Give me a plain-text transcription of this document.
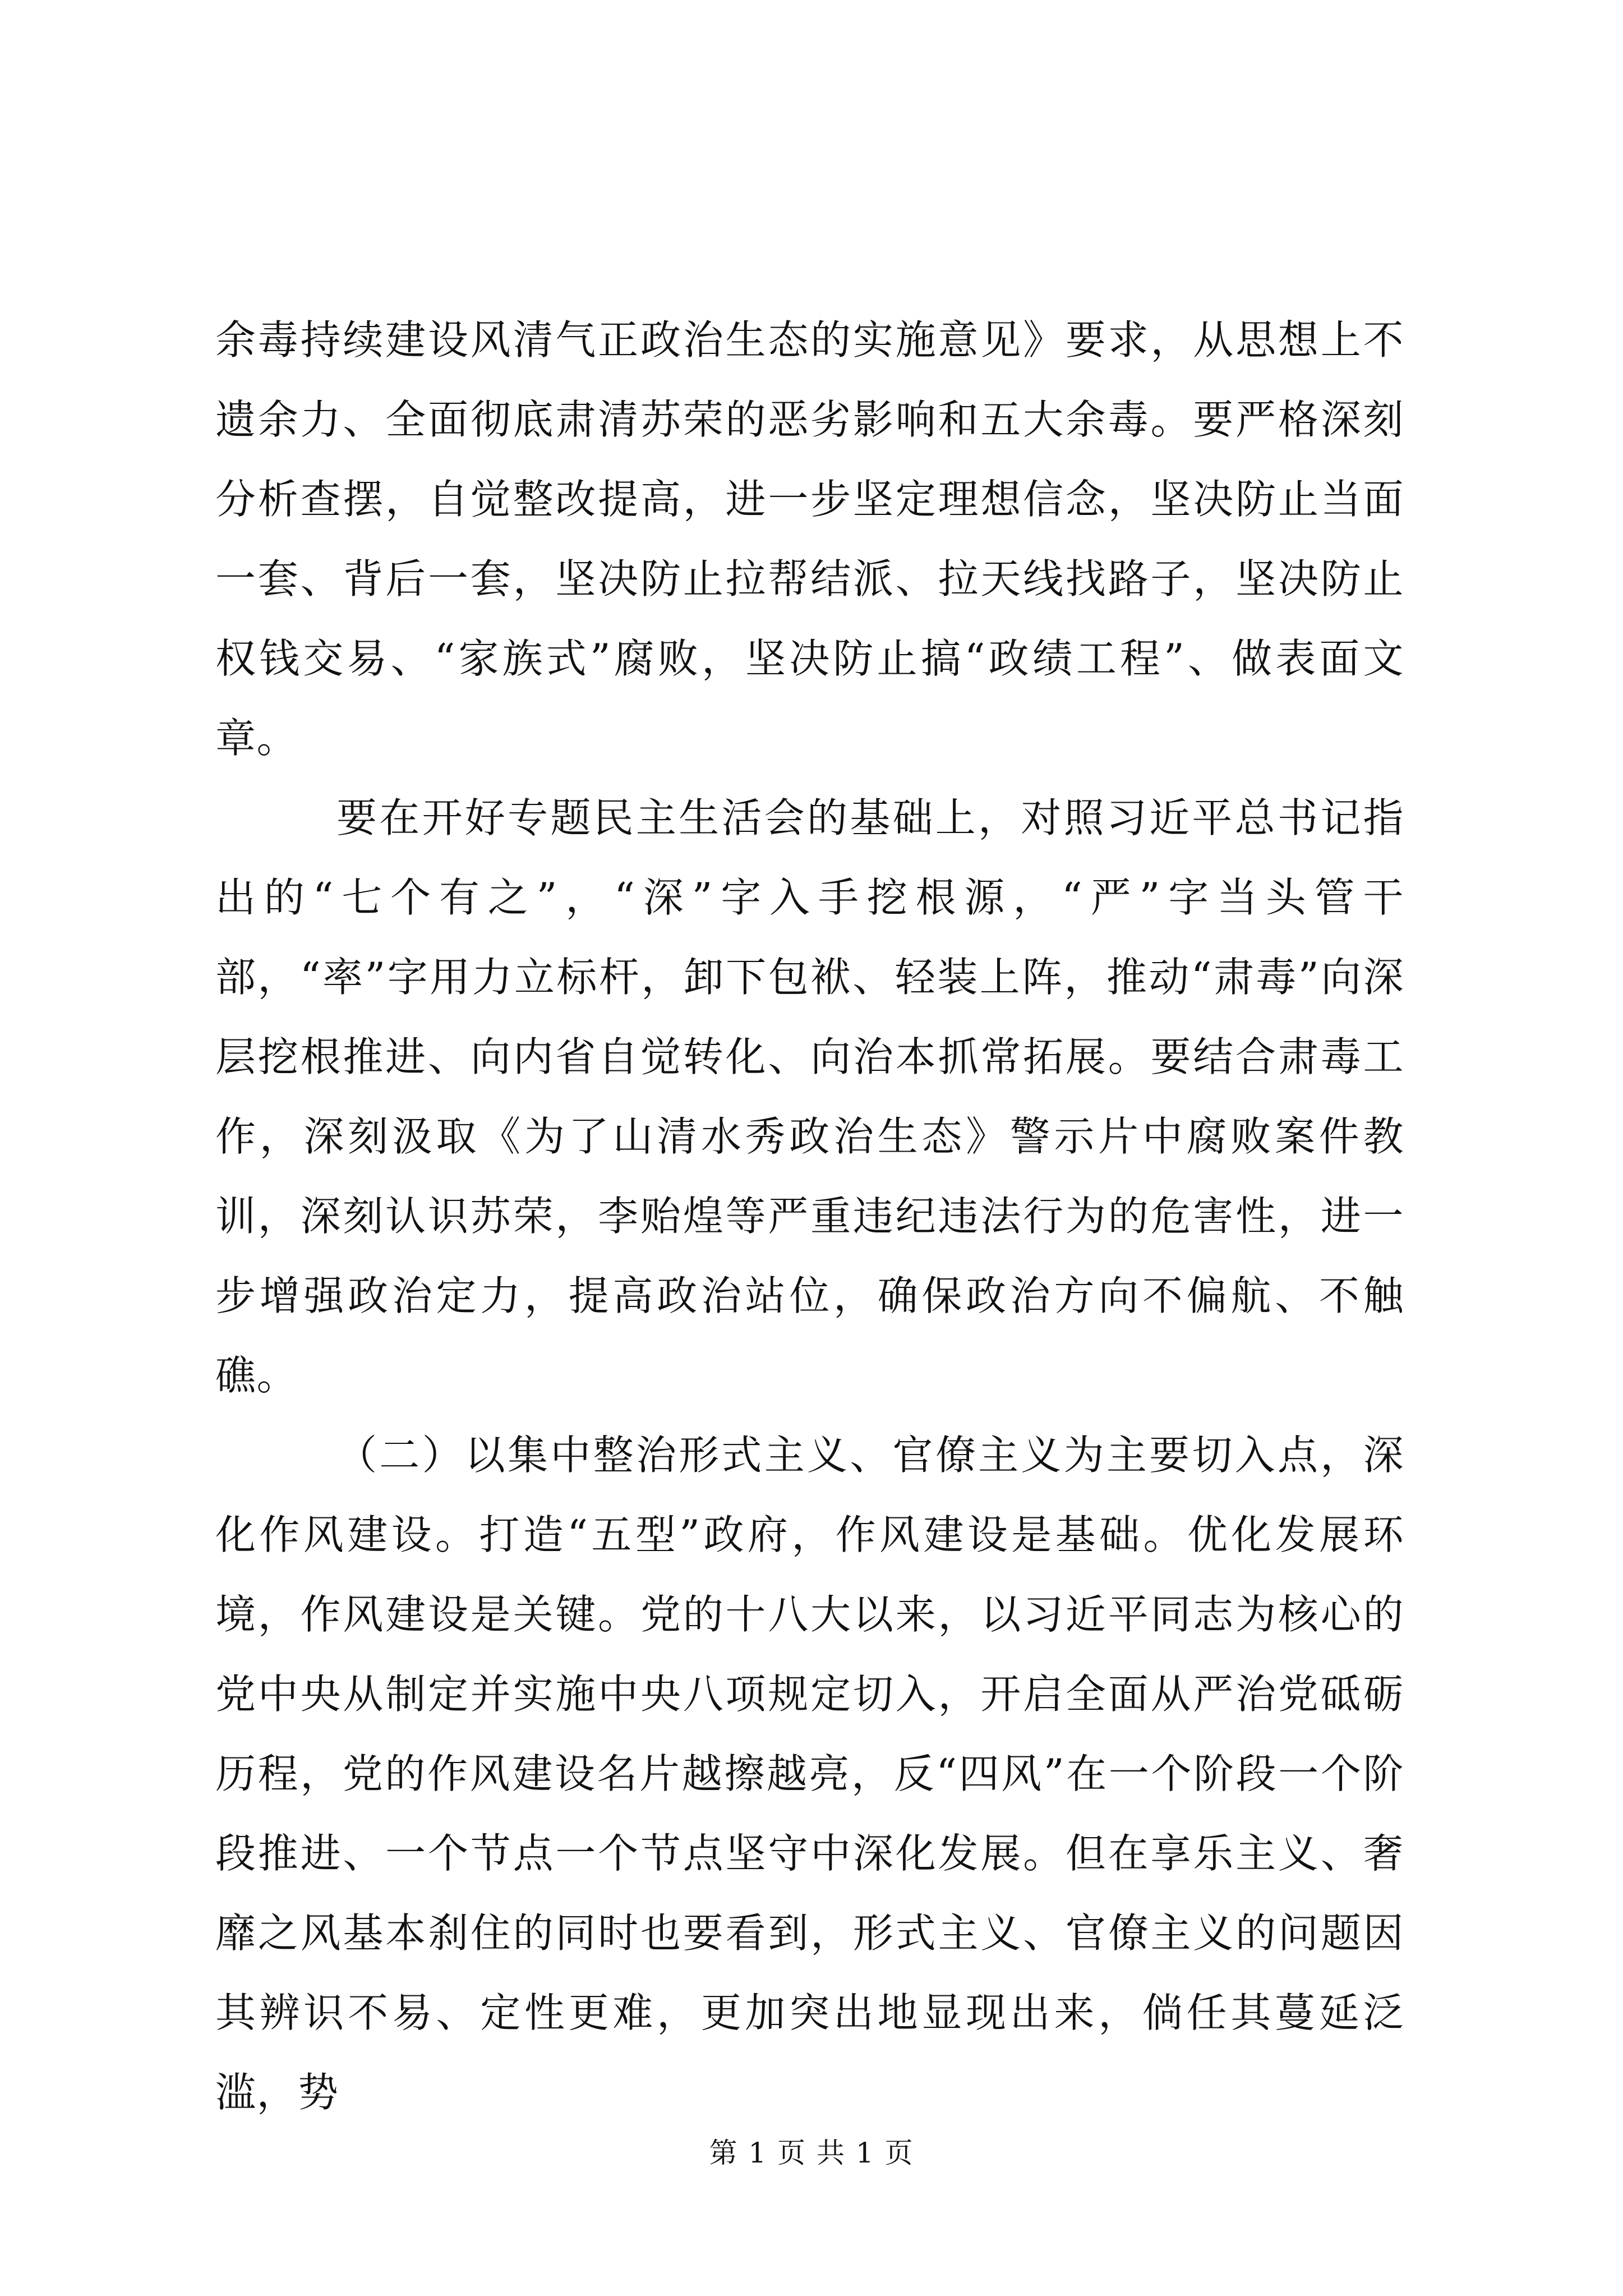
余毒持续建设风清气正政治生态的实施意见》要求，从思想上不遗余力、全面彻底肃清苏荣的恶劣影响和五大余毒。要严格深刻分析查摆，自觉整改提高，进一步坚定理想信念，坚决防止当面一套、背后一套，坚决防止拉帮结派、拉天线找路子，坚决防止权钱交易、“家族式”腐败，坚决防止搞“政绩工程”、做表面文章。

要在开好专题民主生活会的基础上，对照习近平总书记指出的“七个有之”，“深”字入手挖根源，“严”字当头管干部，“率”字用力立标杆，卸下包袱、轻装上阵，推动“肃毒”向深层挖根推进、向内省自觉转化、向治本抓常拓展。要结合肃毒工作，深刻汲取《为了山清水秀政治生态》警示片中腐败案件教训，深刻认识苏荣，李贻煌等严重违纪违法行为的危害性，进一步增强政治定力，提高政治站位，确保政治方向不偏航、不触礁。

（二）以集中整治形式主义、官僚主义为主要切入点，深化作风建设。打造“五型”政府，作风建设是基础。优化发展环境，作风建设是关键。党的十八大以来，以习近平同志为核心的党中央从制定并实施中央八项规定切入，开启全面从严治党砥砺历程，党的作风建设名片越擦越亮，反“四风”在一个阶段一个阶段推进、一个节点一个节点坚守中深化发展。但在享乐主义、奢靡之风基本刹住的同时也要看到，形式主义、官僚主义的问题因其辨识不易、定性更难，更加突出地显现出来，倘任其蔓延泛滥，势

第 1 页 共 1 页
